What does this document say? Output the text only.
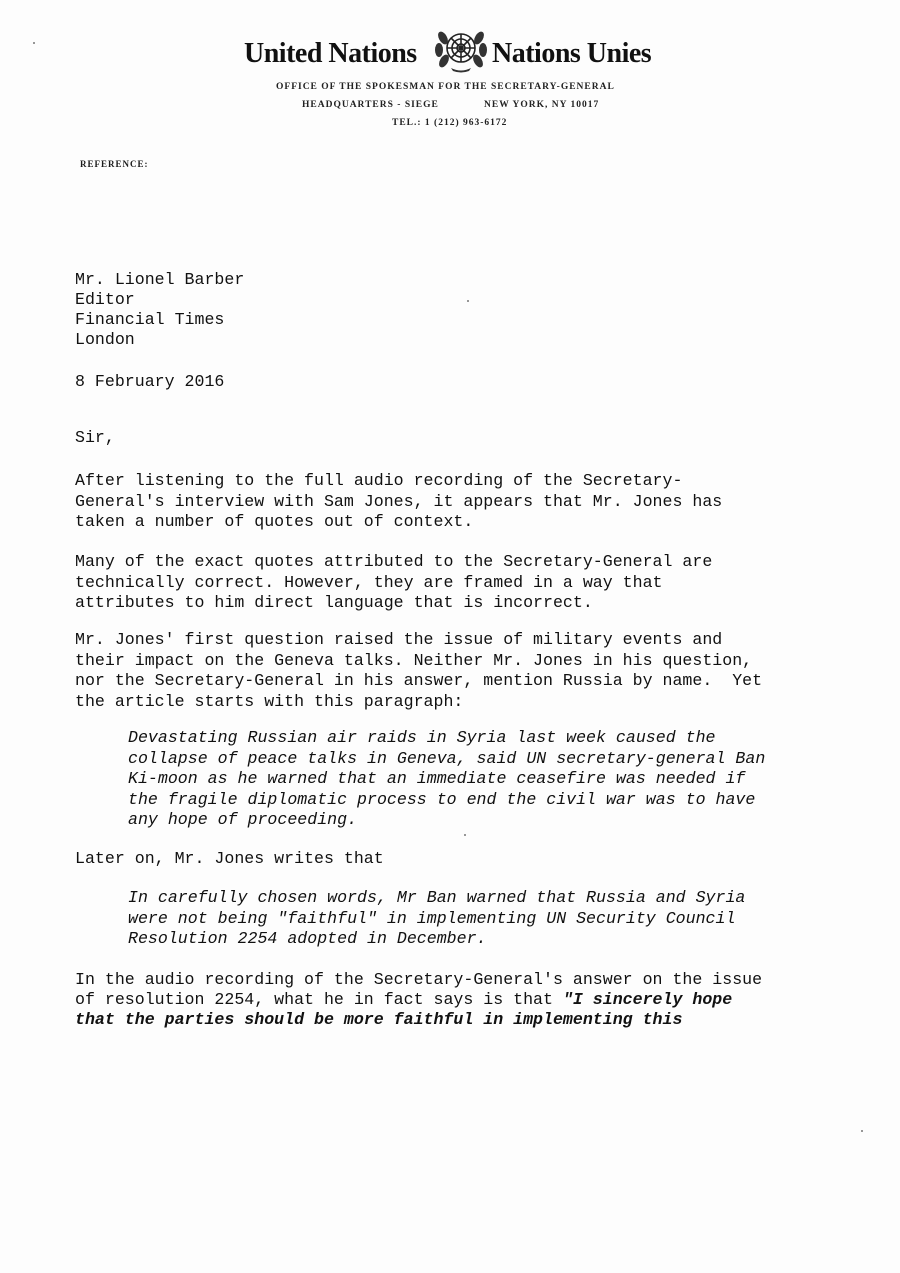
United Nations	Nations Unies
OFFICE OF THE SPOKESMAN FOR THE SECRETARY-GENERAL
HEADQUARTERS - SIEGE	NEW YORK, NY 10017
TEL.: 1 (212) 963-6172
REFERENCE:

Mr. Lionel Barber

Editor

Financial Times

London

8 February 2016

Sir,

After listening to the full audio recording of the Secretary-
General's interview with Sam Jones, it appears that Mr. Jones has
taken a number of quotes out of context.

Many of the exact quotes attributed to the Secretary-General are
technically correct. However, they are framed in a way that
attributes to him direct language that is incorrect.

Mr. Jones' first question raised the issue of military events and
their impact on the Geneva talks. Neither Mr. Jones in his question,
nor the Secretary-General in his answer, mention Russia by name.  Yet
the article starts with this paragraph:

Devastating Russian air raids in Syria last week caused the
collapse of peace talks in Geneva, said UN secretary-general Ban
Ki-moon as he warned that an immediate ceasefire was needed if
the fragile diplomatic process to end the civil war was to have
any hope of proceeding.

Later on, Mr. Jones writes that

In carefully chosen words, Mr Ban warned that Russia and Syria
were not being "faithful" in implementing UN Security Council
Resolution 2254 adopted in December.

In the audio recording of the Secretary-General's answer on the issue

of resolution 2254, what he in fact says is that "I sincerely hope

that the parties should be more faithful in implementing this
